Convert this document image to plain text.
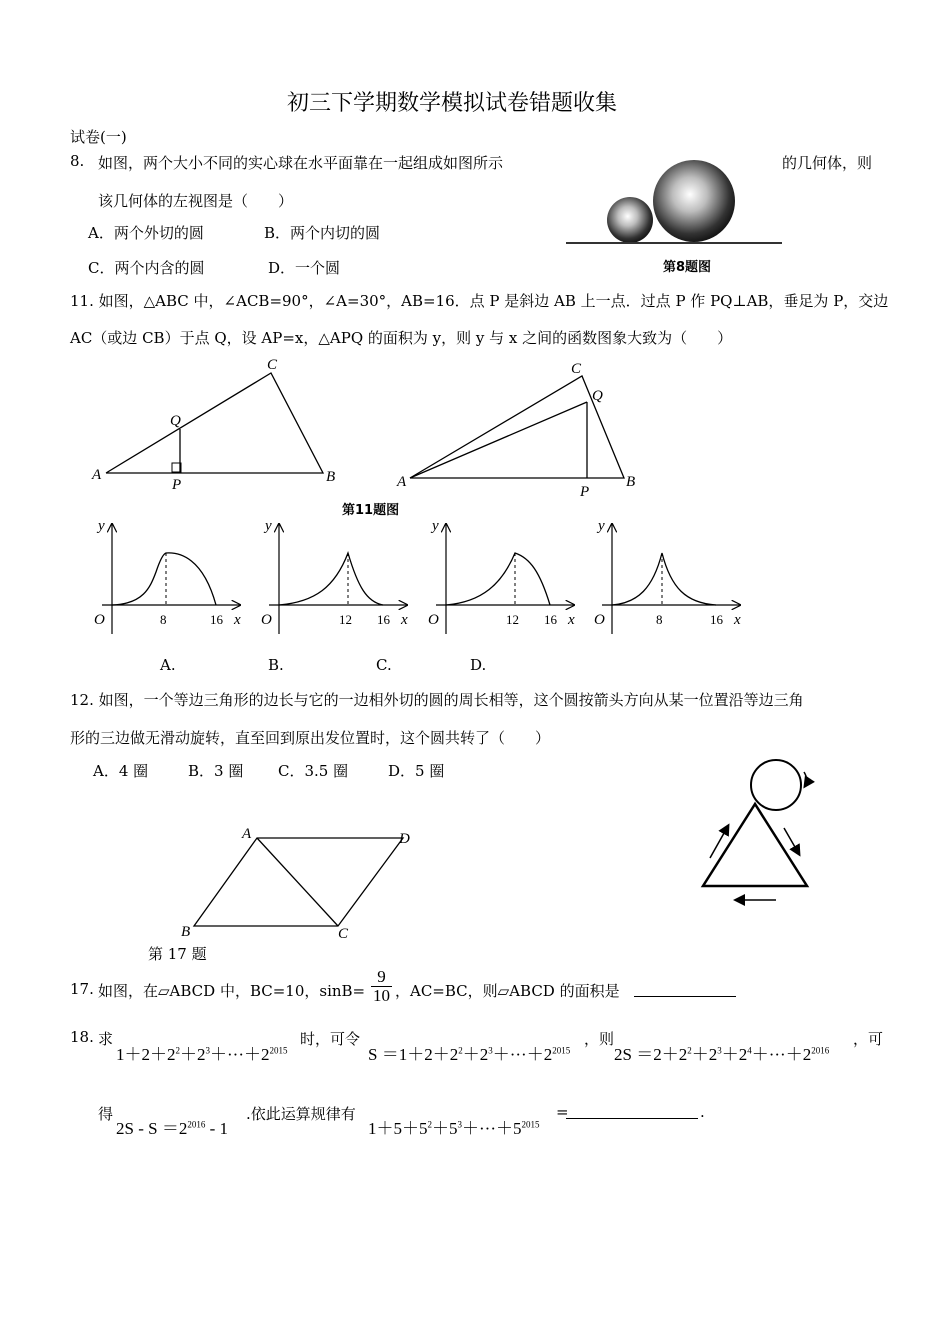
初三下学期数学模拟试卷错题收集
试卷(一)
8. 如图，两个大小不同的实心球在水平面靠在一起组成如图所示	的几何体，则
该几何体的左视图是（　　）
A．两个外切的圆	B．两个内切的圆
C．两个内含的圆	D．一个圆	第8题图
11. 如图，△ABC 中，∠ACB=90°，∠A=30°，AB=16．点 P 是斜边 AB 上一点．过点 P 作 PQ⊥AB，垂足为 P，交边
AC（或边 CB）于点 Q，设 AP=x，△APQ 的面积为 y，则 y 与 x 之间的函数图象大致为（　　）
A	B
C
Q
P	A	B
C
Q
P
第11题图
y
O	8	16 x
y
O	12 16 x
y
O	12 16 x
y
O	8	16 x
A.	B.	C.	D.
12. 如图，一个等边三角形的边长与它的一边相外切的圆的周长相等，这个圆按箭头方向从某一位置沿等边三角
形的三边做无滑动旋转，直至回到原出发位置时，这个圆共转了（　　）
A．4 圈	B．3 圈 C．3.5 圈	D．5 圈
A	D
B	C
第 17 题
17. 如图，在▱ABCD 中，BC=10，$\sin B= \frac{9}{10}$ ，AC=BC，则▱ABCD 的面积是
18. 求
$1+2+2^2+2^3+\cdot\cdot\cdot+2^{2015}$
时，可令
$S =1+2+2^2+2^3+\cdot\cdot\cdot+2^{2015}$
，则
$2S =2+2^2+2^3+2^4+\cdot\cdot\cdot+2^{2016}$
，可
得
$2S - S =2^{2016} - 1$
.依此运算规律有
$1+5+5^2+5^3+\cdot\cdot\cdot+5^{2015}$
=	.
